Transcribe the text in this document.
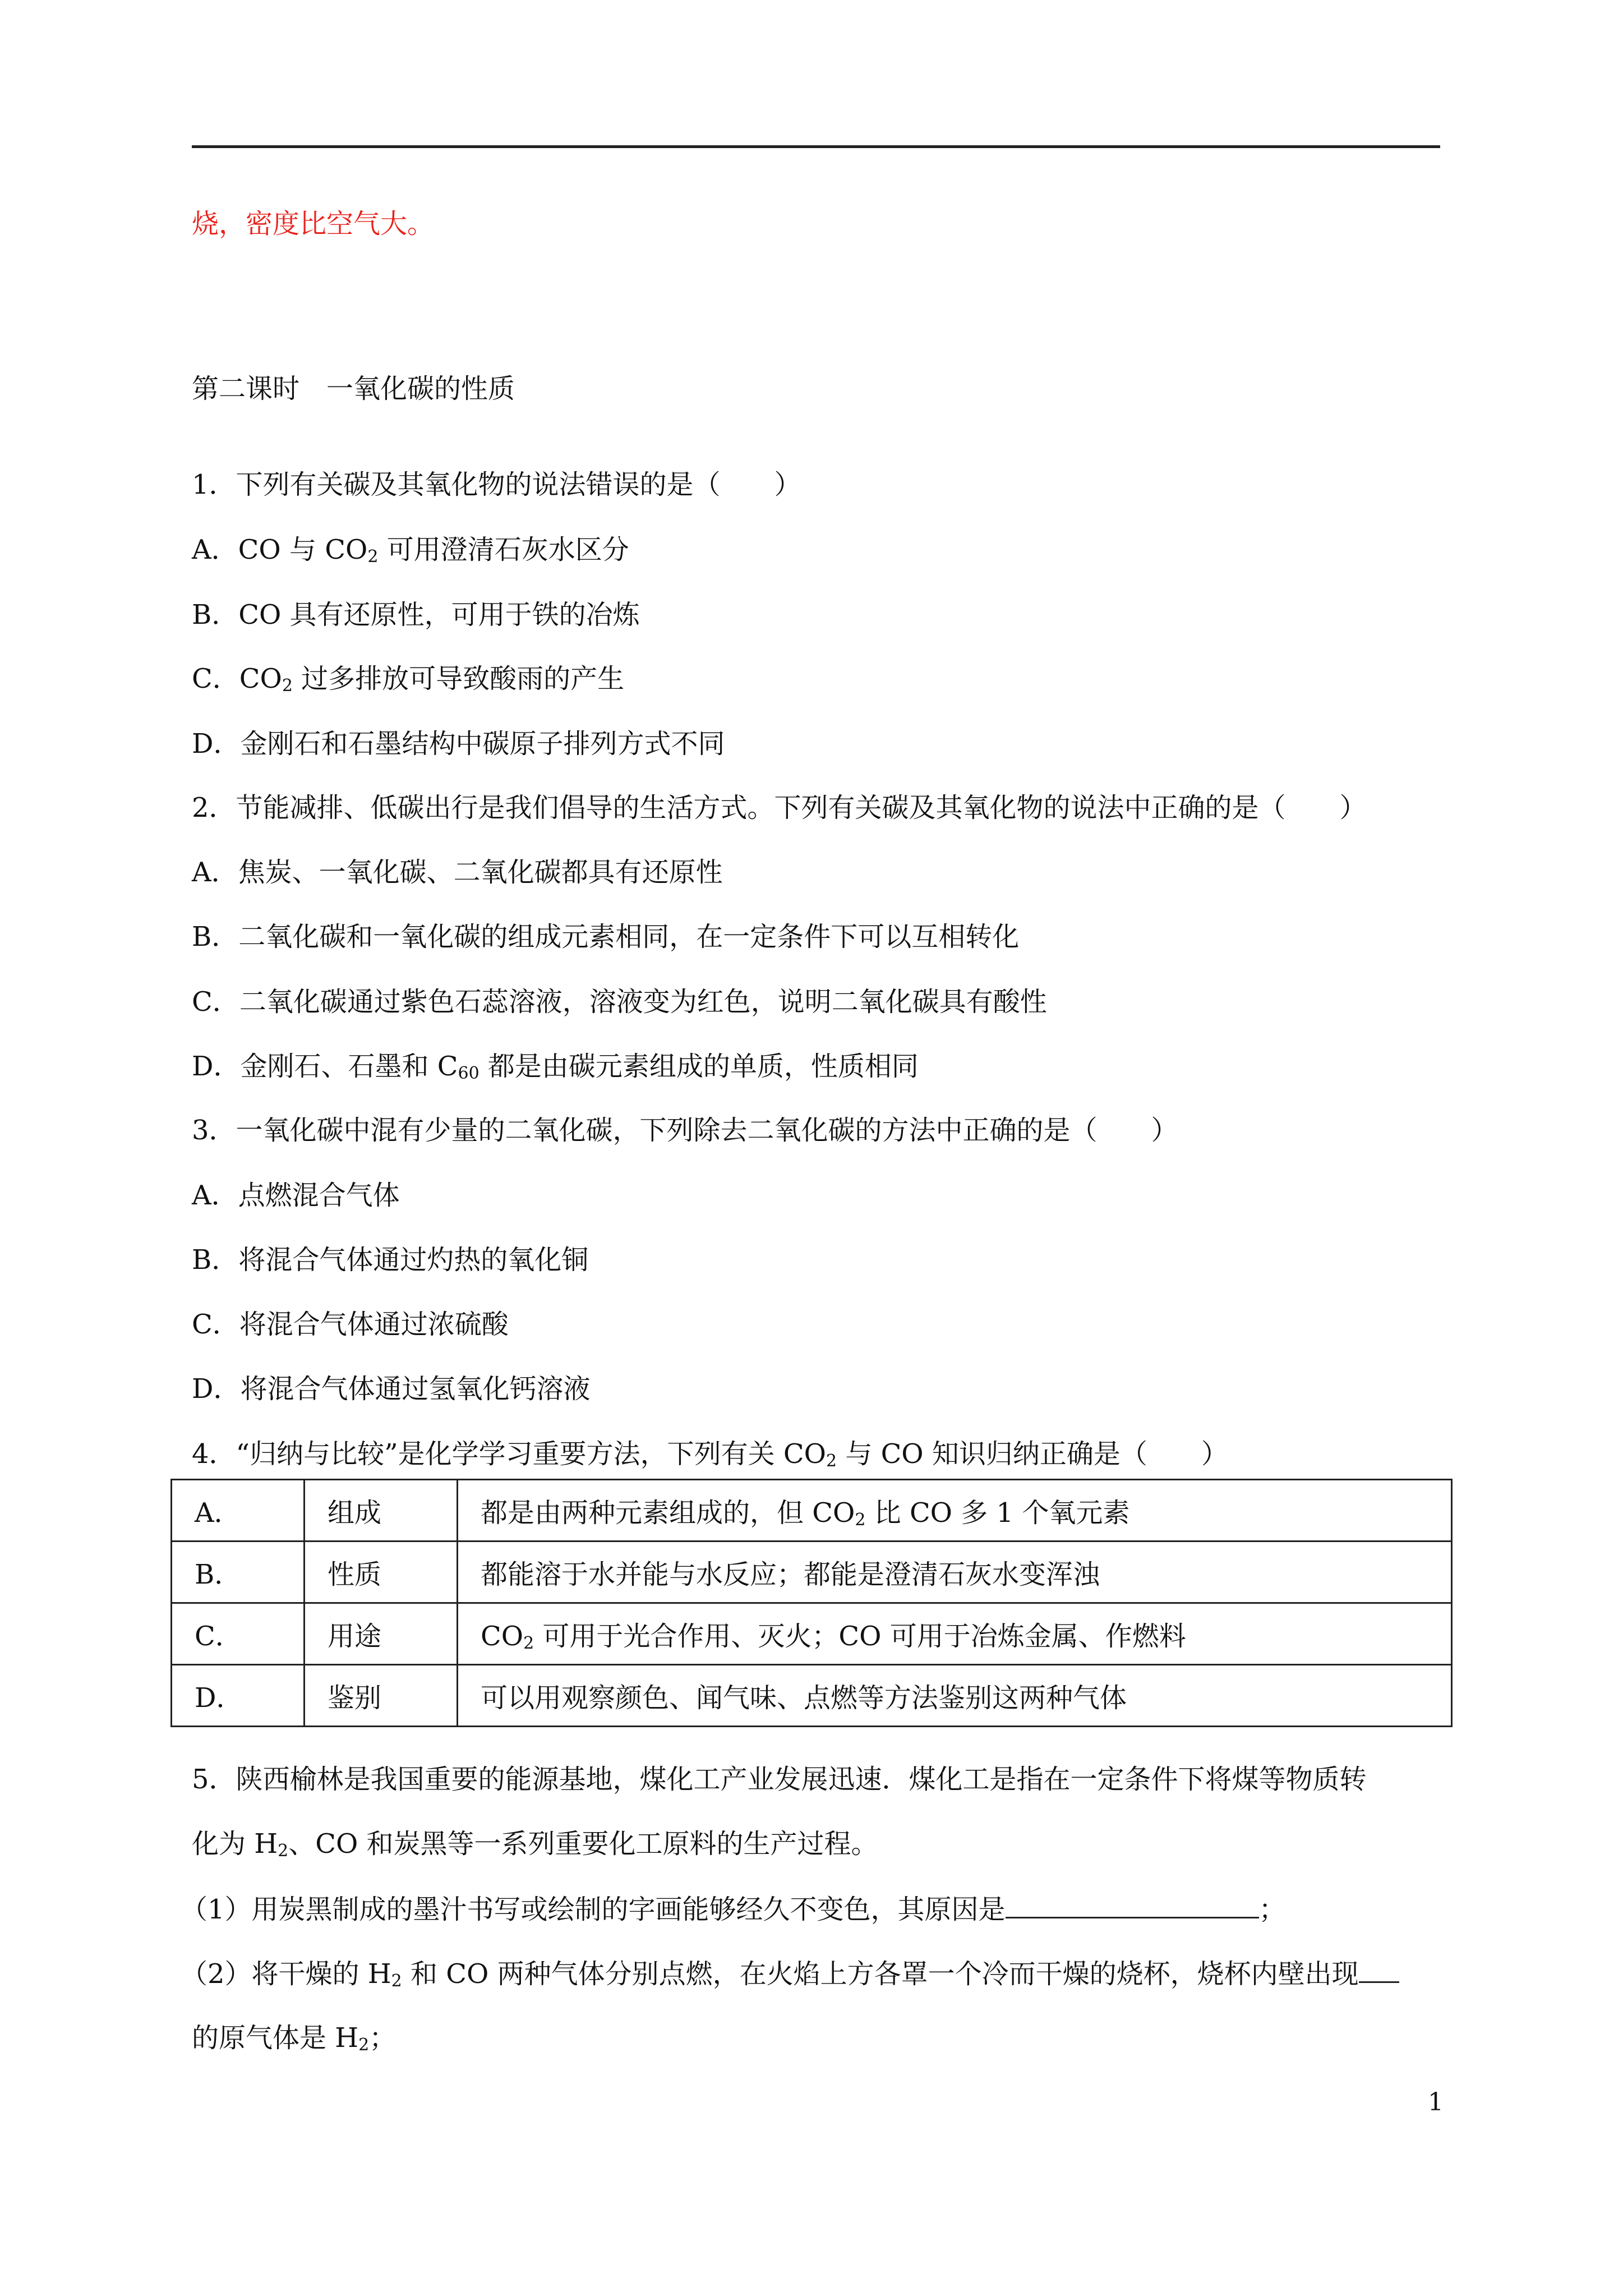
烧，密度比空气大。
第二课时　一氧化碳的性质
1．下列有关碳及其氧化物的说法错误的是（　　）
A．CO 与 $CO_2$ 可用澄清石灰水区分
B．CO 具有还原性，可用于铁的冶炼
C．$CO_2$ 过多排放可导致酸雨的产生
D．金刚石和石墨结构中碳原子排列方式不同
2．节能减排、低碳出行是我们倡导的生活方式。下列有关碳及其氧化物的说法中正确的是（　　）
A．焦炭、一氧化碳、二氧化碳都具有还原性
B．二氧化碳和一氧化碳的组成元素相同，在一定条件下可以互相转化
C．二氧化碳通过紫色石蕊溶液，溶液变为红色，说明二氧化碳具有酸性
D．金刚石、石墨和 $C_{60}$ 都是由碳元素组成的单质，性质相同
3．一氧化碳中混有少量的二氧化碳，下列除去二氧化碳的方法中正确的是（　　）
A．点燃混合气体
B．将混合气体通过灼热的氧化铜
C．将混合气体通过浓硫酸
D．将混合气体通过氢氧化钙溶液
4．“归纳与比较”是化学学习重要方法，下列有关 $CO_2$ 与 CO 知识归纳正确是（　　）
A．	组成	都是由两种元素组成的，但 $CO_2$ 比 CO 多 1 个氧元素
B．	性质	都能溶于水并能与水反应；都能是澄清石灰水变浑浊
C．	用途	$CO_2$ 可用于光合作用、灭火；CO 可用于冶炼金属、作燃料
D．	鉴别	可以用观察颜色、闻气味、点燃等方法鉴别这两种气体
5．陕西榆林是我国重要的能源基地，煤化工产业发展迅速．煤化工是指在一定条件下将煤等物质转
化为 $H_2$、CO 和炭黑等一系列重要化工原料的生产过程。
（1）用炭黑制成的墨汁书写或绘制的字画能够经久不变色，其原因是	；
（2）将干燥的 $H_2$ 和 CO 两种气体分别点燃，在火焰上方各罩一个冷而干燥的烧杯，烧杯内壁出现
的原气体是 $H_2$；
1
